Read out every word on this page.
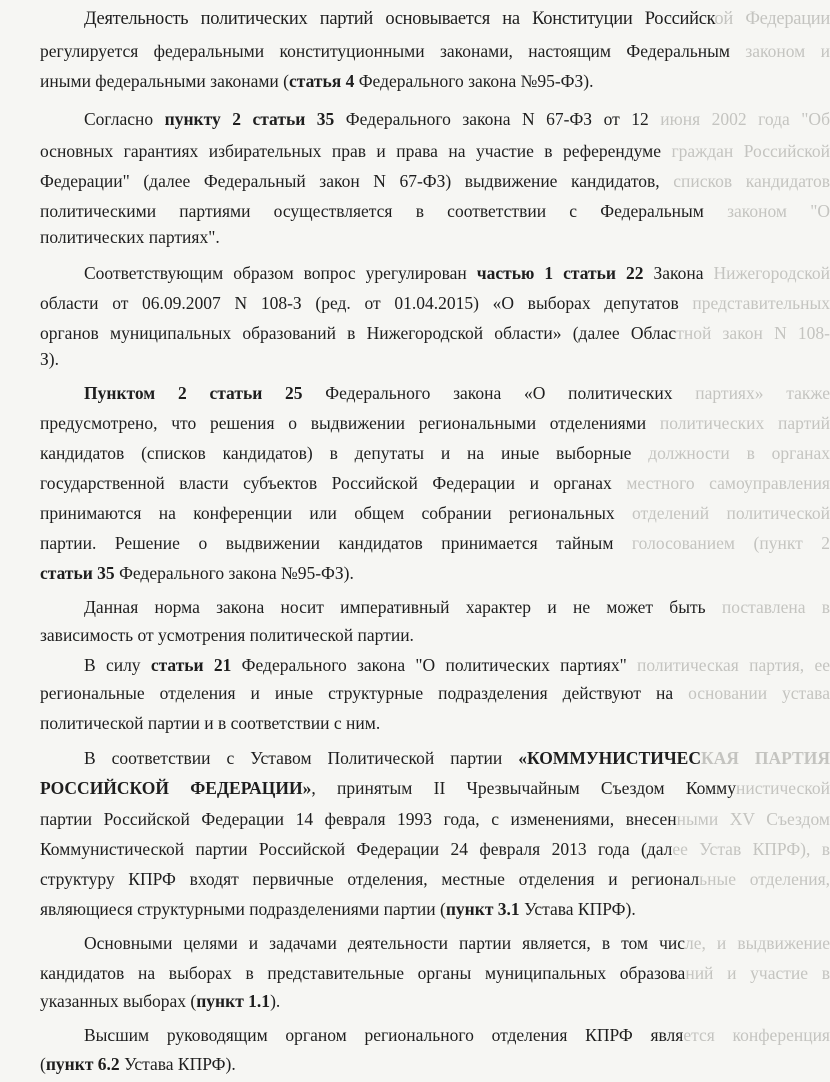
Деятельность политических партий основывается на Конституции Российской Федерации
регулируется федеральными конституционными законами, настоящим Федеральным законом и
иными федеральными законами (статья 4 Федерального закона №95-ФЗ).
Согласно пункту 2 статьи 35 Федерального закона N 67-ФЗ от 12 июня 2002 года "Об
основных гарантиях избирательных прав и права на участие в референдуме граждан Российской
Федерации" (далее Федеральный закон N 67-ФЗ) выдвижение кандидатов, списков кандидатов
политическими партиями осуществляется в соответствии с Федеральным законом "О
политических партиях".
Соответствующим образом вопрос урегулирован частью 1 статьи 22 Закона Нижегородской
области от 06.09.2007 N 108-З (ред. от 01.04.2015) «О выборах депутатов представительных
органов муниципальных образований в Нижегородской области» (далее Областной закон N 108-
З).
Пунктом 2 статьи 25 Федерального закона «О политических партиях» также
предусмотрено, что решения о выдвижении региональными отделениями политических партий
кандидатов (списков кандидатов) в депутаты и на иные выборные должности в органах
государственной власти субъектов Российской Федерации и органах местного самоуправления
принимаются на конференции или общем собрании региональных отделений политической
партии. Решение о выдвижении кандидатов принимается тайным голосованием (пункт 2
статьи 35 Федерального закона №95-ФЗ).
Данная норма закона носит императивный характер и не может быть поставлена в
зависимость от усмотрения политической партии.
В силу статьи 21 Федерального закона "О политических партиях" политическая партия, ее
региональные отделения и иные структурные подразделения действуют на основании устава
политической партии и в соответствии с ним.
В соответствии с Уставом Политической партии «КОММУНИСТИЧЕСКАЯ ПАРТИЯ
РОССИЙСКОЙ ФЕДЕРАЦИИ», принятым II Чрезвычайным Съездом Коммунистической
партии Российской Федерации 14 февраля 1993 года, с изменениями, внесенными XV Съездом
Коммунистической партии Российской Федерации 24 февраля 2013 года (далее Устав КПРФ), в
структуру КПРФ входят первичные отделения, местные отделения и региональные отделения,
являющиеся структурными подразделениями партии (пункт 3.1 Устава КПРФ).
Основными целями и задачами деятельности партии является, в том числе, и выдвижение
кандидатов на выборах в представительные органы муниципальных образований и участие в
указанных выборах (пункт 1.1).
Высшим руководящим органом регионального отделения КПРФ является конференция
(пункт 6.2 Устава КПРФ).
